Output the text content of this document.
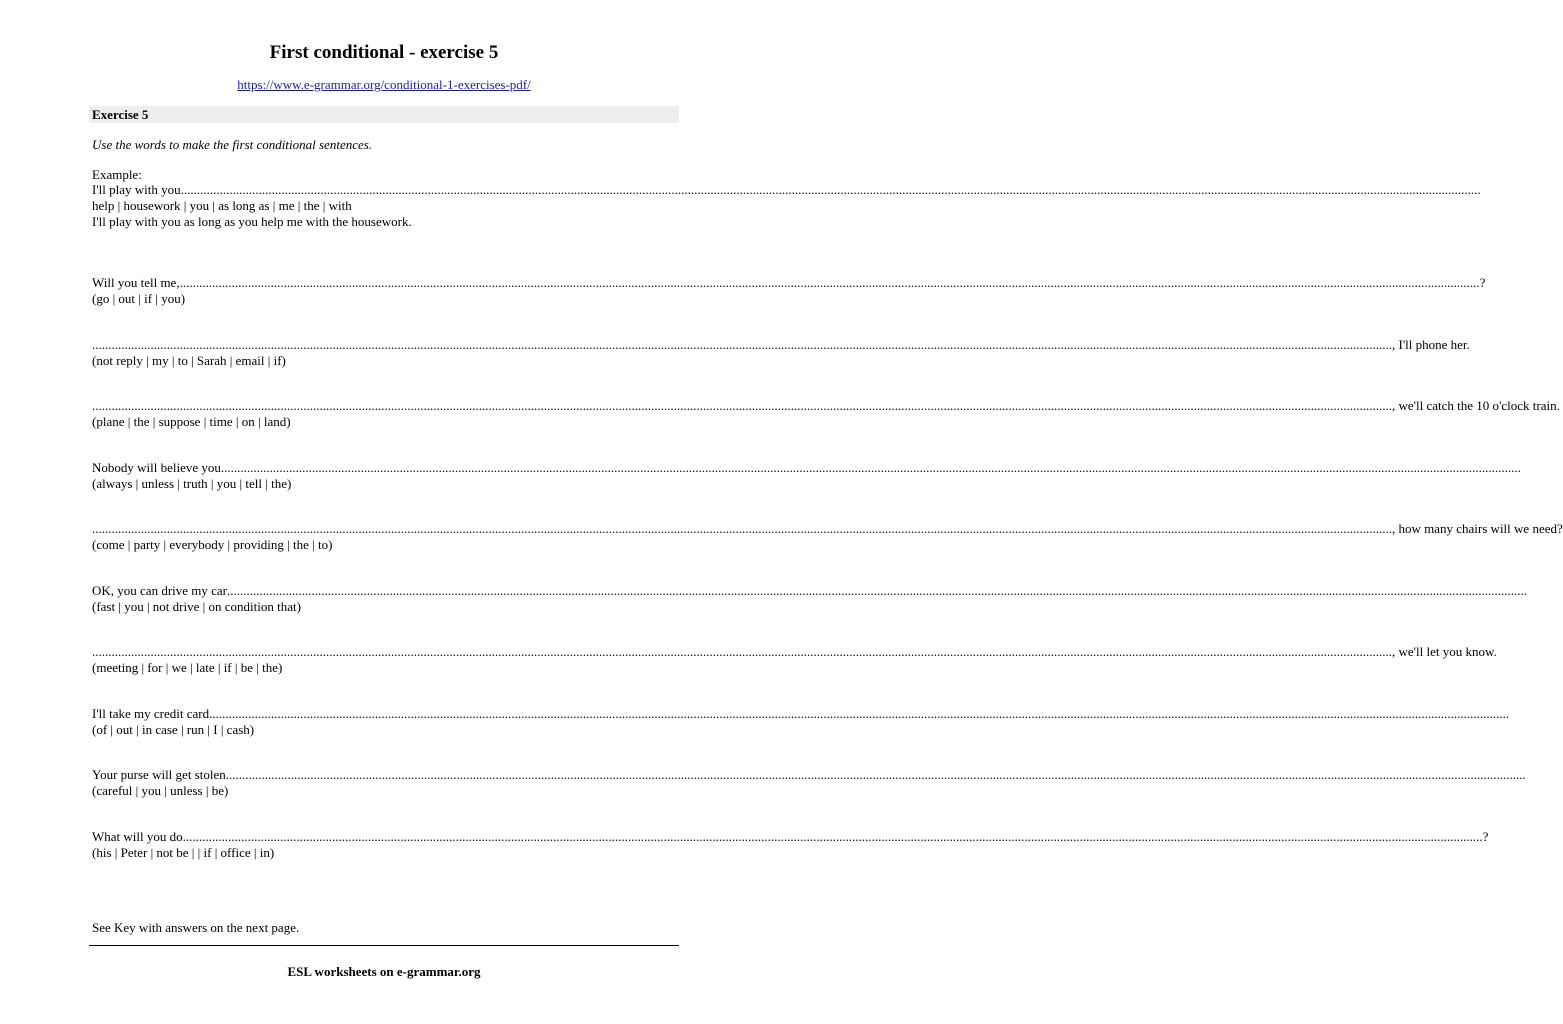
First conditional - exercise 5
https://www.e-grammar.org/conditional-1-exercises-pdf/
Exercise 5
Use the words to make the first conditional sentences.
Example:
I'll play with you ................................................................................................................................................................................................................................................................................................................................................................................................................
help | housework | you | as long as | me | the | with
I'll play with you as long as you help me with the housework.
Will you tell me, ................................................................................................................................................................................................................................................................................................................................................................................................................ ?
(go | out | if | you)
................................................................................................................................................................................................................................................................................................................................................................................................................ , I'll phone her.
(not reply | my | to | Sarah | email | if)
................................................................................................................................................................................................................................................................................................................................................................................................................ , we'll catch the 10 o'clock train.
(plane | the | suppose | time | on | land)
Nobody will believe you ................................................................................................................................................................................................................................................................................................................................................................................................................
(always | unless | truth | you | tell | the)
................................................................................................................................................................................................................................................................................................................................................................................................................ , how many chairs will we need?
(come | party | everybody | providing | the | to)
OK, you can drive my car ................................................................................................................................................................................................................................................................................................................................................................................................................
(fast | you | not drive | on condition that)
................................................................................................................................................................................................................................................................................................................................................................................................................ , we'll let you know.
(meeting | for | we | late | if | be | the)
I'll take my credit card ................................................................................................................................................................................................................................................................................................................................................................................................................
(of | out | in case | run | I | cash)
Your purse will get stolen ................................................................................................................................................................................................................................................................................................................................................................................................................
(careful | you | unless | be)
What will you do ................................................................................................................................................................................................................................................................................................................................................................................................................ ?
(his | Peter | not be | | if | office | in)
See Key with answers on the next page.
ESL worksheets on e-grammar.org
